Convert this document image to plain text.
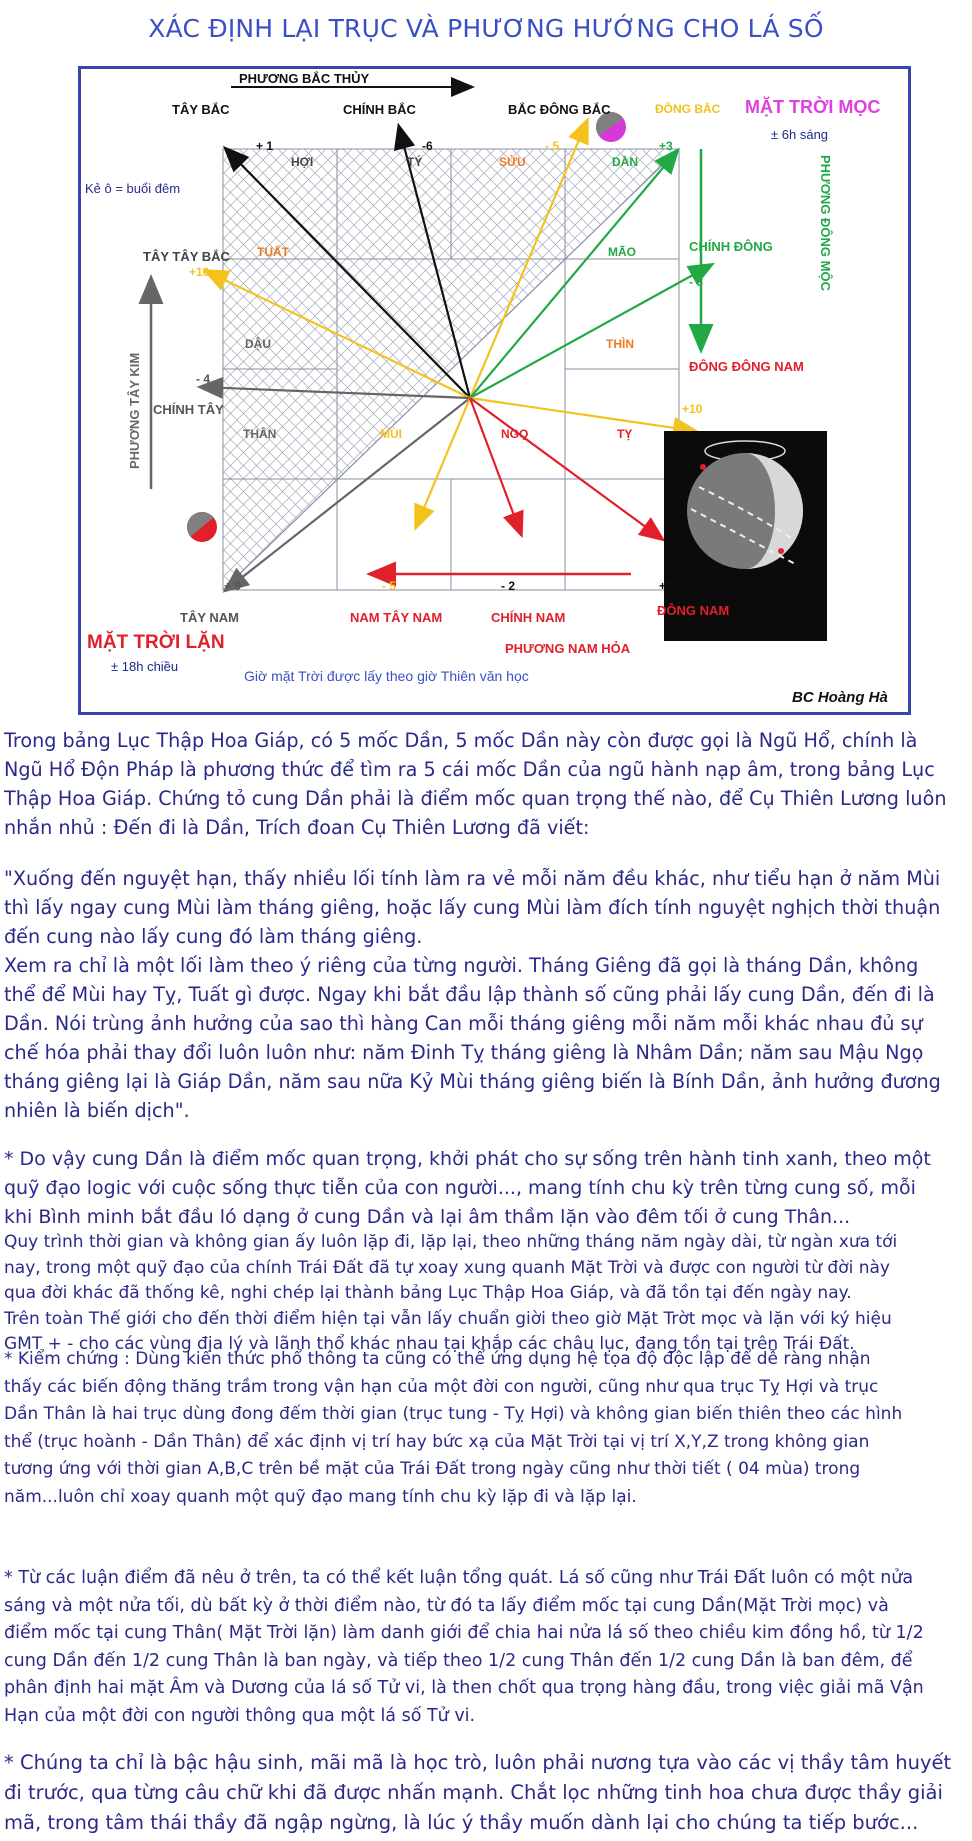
XÁC ĐỊNH LẠI TRỤC VÀ PHƯƠNG HƯỚNG CHO LÁ SỐ
PHƯƠNG BẮC THỦY
TÂY BẮC	CHÍNH BẮC	BẮC ĐÔNG BẮC	ĐÔNG BẮC MẶT TRỜI MỌC
± 6h sáng
Kẻ ô = buổi đêm
TÂY TÂY BẮC
CHÍNH ĐÔNG	PHƯƠNG ĐÔNG MỘC
ĐÔNG ĐÔNG NAM
CHÍNH TÂY
PHƯƠNG TÂY KIM
TÂY NAM	NAM TÂY NAM	CHÍNH NAM	ĐÔNG NAM
MẶT TRỜI LẶN
± 18h chiều
PHƯƠNG NAM HỎA
Giờ mặt Trời được lấy theo giờ Thiên văn học
BC Hoàng Hà
HỢI	TÝ	SỬU	DẦN
TUẤT	MÃO
DẬU	THÌN
THÂN	MÙI	NGỌ	TỴ
+ 1	-6	- 5	+3
+10
- 8
- 4
+10
+ 9	- 5	- 2	+7
Trong bảng Lục Thập Hoa Giáp, có 5 mốc Dần, 5 mốc Dần này còn được gọi là Ngũ Hổ, chính là
Ngũ Hổ Độn Pháp là phương thức để tìm ra 5 cái mốc Dần của ngũ hành nạp âm, trong bảng Lục
Thập Hoa Giáp. Chứng tỏ cung Dần phải là điểm mốc quan trọng thế nào, để Cụ Thiên Lương luôn
nhắn nhủ : Đến đi là Dần, Trích đoan Cụ Thiên Lương đã viết:
"Xuống đến nguyệt hạn, thấy nhiều lối tính làm ra vẻ mỗi năm đều khác, như tiểu hạn ở năm Mùi
thì lấy ngay cung Mùi làm tháng giêng, hoặc lấy cung Mùi làm đích tính nguyệt nghịch thời thuận
đến cung nào lấy cung đó làm tháng giêng.
Xem ra chỉ là một lối làm theo ý riêng của từng người. Tháng Giêng đã gọi là tháng Dần, không
thể để Mùi hay Tỵ, Tuất gì được. Ngay khi bắt đầu lập thành số cũng phải lấy cung Dần, đến đi là
Dần. Nói trùng ảnh hưởng của sao thì hàng Can mỗi tháng giêng mỗi năm mỗi khác nhau đủ sự
chế hóa phải thay đổi luôn luôn như: năm Đinh Tỵ tháng giêng là Nhâm Dần; năm sau Mậu Ngọ
tháng giêng lại là Giáp Dần, năm sau nữa Kỷ Mùi tháng giêng biến là Bính Dần, ảnh hưởng đương
nhiên là biến dịch".
* Do vậy cung Dần là điểm mốc quan trọng, khởi phát cho sự sống trên hành tinh xanh, theo một
quỹ đạo logic với cuộc sống thực tiễn của con người..., mang tính chu kỳ trên từng cung số, mỗi
khi Bình minh bắt đầu ló dạng ở cung Dần và lại âm thầm lặn vào đêm tối ở cung Thân...
Quy trình thời gian và không gian ấy luôn lặp đi, lặp lại, theo những tháng năm ngày dài, từ ngàn xưa tới
nay, trong một quỹ đạo của chính Trái Đất đã tự xoay xung quanh Mặt Trời và được con người từ đời này
qua đời khác đã thống kê, nghi chép lại thành bảng Lục Thập Hoa Giáp, và đã tồn tại đến ngày nay.
Trên toàn Thế giới cho đến thời điểm hiện tại vẫn lấy chuẩn giời theo giờ Mặt Trờt mọc và lặn với ký hiệu
GMT + - cho các vùng địa lý và lãnh thổ khác nhau tại khắp các châu lục, đang tồn tại trên Trái Đất.
* Kiểm chứng : Dùng kiến thức phổ thông ta cũng có thể ứng dụng hệ tọa độ độc lập để dễ ràng nhận
thấy các biến động thăng trầm trong vận hạn của một đời con người, cũng như qua trục Tỵ Hợi và trục
Dần Thân là hai trục dùng đong đếm thời gian (trục tung - Tỵ Hợi) và không gian biến thiên theo các hình
thể (trục hoành - Dần Thân) để xác định vị trí hay bức xạ của Mặt Trời tại vị trí X,Y,Z trong không gian
tương ứng với thời gian A,B,C trên bề mặt của Trái Đất trong ngày cũng như thời tiết ( 04 mùa) trong
năm...luôn chỉ xoay quanh một quỹ đạo mang tính chu kỳ lặp đi và lặp lại.
* Từ các luận điểm đã nêu ở trên, ta có thể kết luận tổng quát. Lá số cũng như Trái Đất luôn có một nửa
sáng và một nửa tối, dù bất kỳ ở thời điểm nào, từ đó ta lấy điểm mốc tại cung Dần(Mặt Trời mọc) và
điểm mốc tại cung Thân( Mặt Trời lặn) làm danh giới để chia hai nửa lá số theo chiều kim đồng hồ, từ 1/2
cung Dần đến 1/2 cung Thân là ban ngày, và tiếp theo 1/2 cung Thân đến 1/2 cung Dần là ban đêm, để
phân định hai mặt Âm và Dương của lá số Tử vi, là then chốt qua trọng hàng đầu, trong việc giải mã Vận
Hạn của một đời con người thông qua một lá số Tử vi.
* Chúng ta chỉ là bậc hậu sinh, mãi mã là học trò, luôn phải nương tựa vào các vị thầy tâm huyết
đi trước, qua từng câu chữ khi đã được nhấn mạnh. Chắt lọc những tinh hoa chưa được thầy giải
mã, trong tâm thái thầy đã ngập ngừng, là lúc ý thầy muốn dành lại cho chúng ta tiếp bước...
